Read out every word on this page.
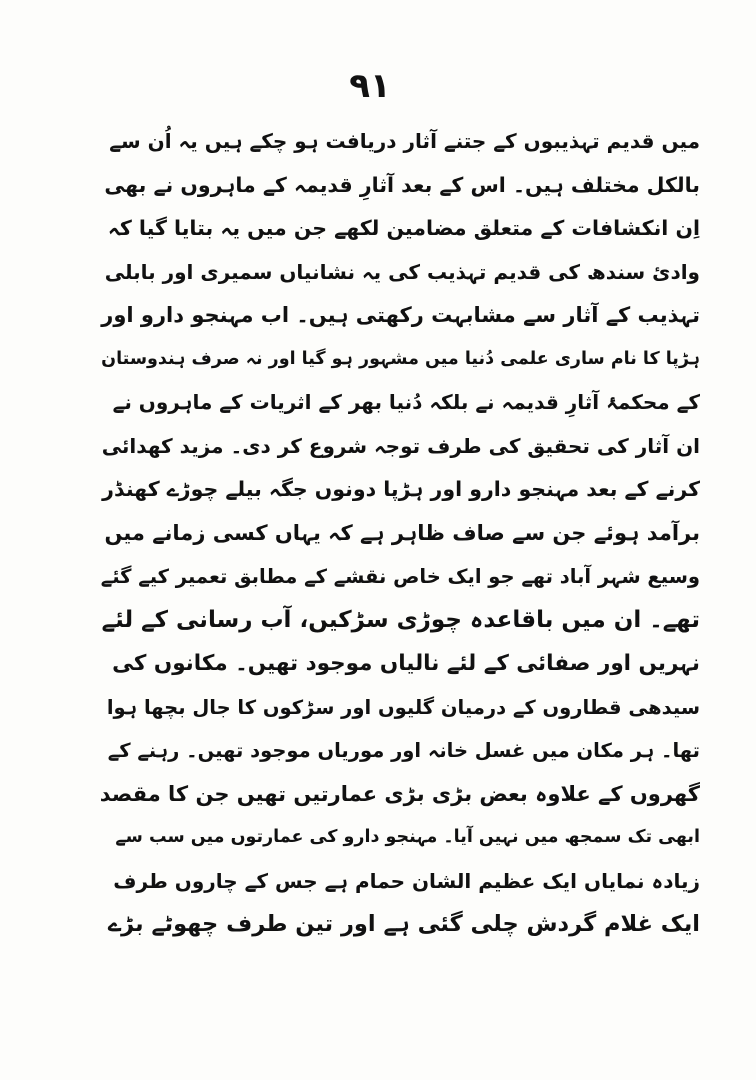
٩١
میں قدیم تہذیبوں کے جتنے آثار دریافت ہو چکے ہیں یہ اُن سے
بالکل مختلف ہیں۔ اس کے بعد آثارِ قدیمہ کے ماہروں نے بھی
اِن انکشافات کے متعلق مضامین لکھے جن میں یہ بتایا گیا کہ
وادیٔ سندھ کی قدیم تہذیب کی یہ نشانیاں سمیری اور بابلی
تہذیب کے آثار سے مشابہت رکھتی ہیں۔ اب مہنجو دارو اور
ہڑپا کا نام ساری علمی دُنیا میں مشہور ہو گیا اور نہ صرف ہندوستان
کے محکمۂ آثارِ قدیمہ نے بلکہ دُنیا بھر کے اثریات کے ماہروں نے
ان آثار کی تحقیق کی طرف توجہ شروع کر دی۔ مزید کھدائی
کرنے کے بعد مہنجو دارو اور ہڑپا دونوں جگہ بیلے چوڑے کھنڈر
برآمد ہوئے جن سے صاف ظاہر ہے کہ یہاں کسی زمانے میں
وسیع شہر آباد تھے جو ایک خاص نقشے کے مطابق تعمیر کیے گئے
تھے۔ ان میں باقاعدہ چوڑی سڑکیں، آب رسانی کے لئے
نہریں اور صفائی کے لئے نالیاں موجود تھیں۔ مکانوں کی
سیدھی قطاروں کے درمیان گلیوں اور سڑکوں کا جال بچھا ہوا
تھا۔ ہر مکان میں غسل خانہ اور موریاں موجود تھیں۔ رہنے کے
گھروں کے علاوہ بعض بڑی بڑی عمارتیں تھیں جن کا مقصد
ابھی تک سمجھ میں نہیں آیا۔ مہنجو دارو کی عمارتوں میں سب سے
زیادہ نمایاں ایک عظیم الشان حمام ہے جس کے چاروں طرف
ایک غلام گردش چلی گئی ہے اور تین طرف چھوٹے بڑے
